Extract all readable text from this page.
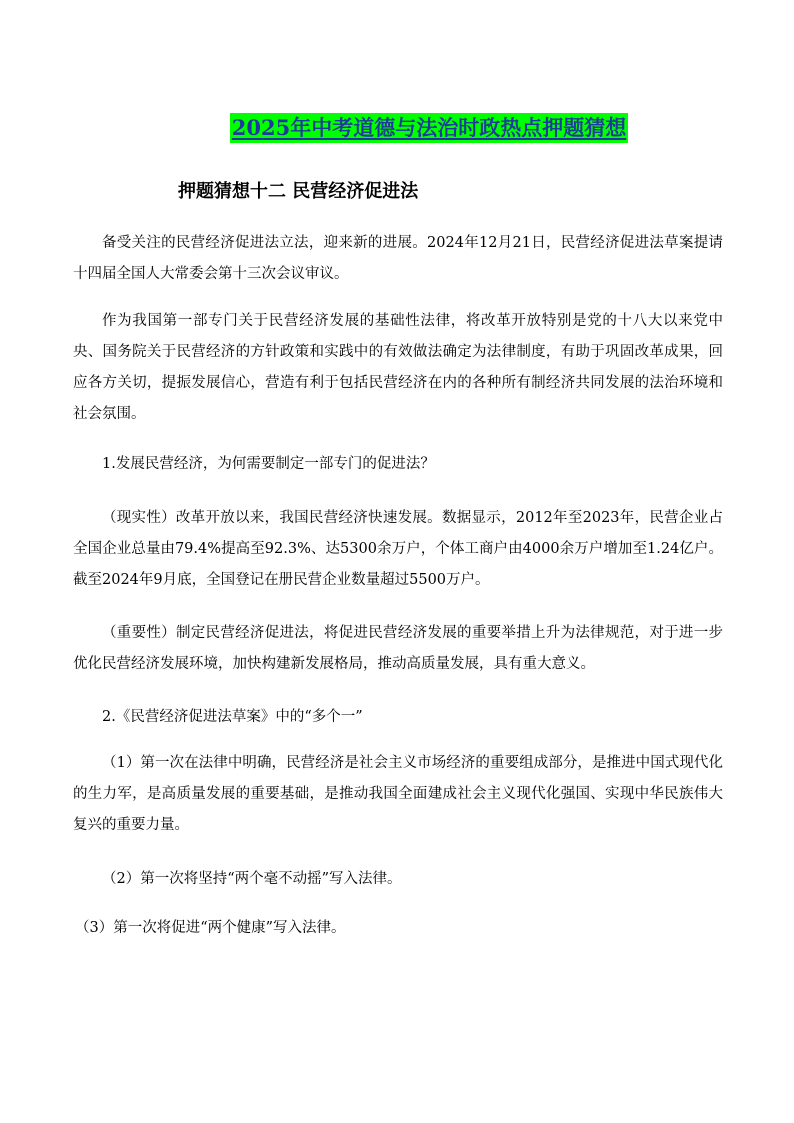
2025年中考道德与法治时政热点押题猜想
押题猜想十二 民营经济促进法

备受关注的民营经济促进法立法，迎来新的进展。2024年12月21日，民营经济促进法草案提请十四届全国人大常委会第十三次会议审议。

作为我国第一部专门关于民营经济发展的基础性法律，将改革开放特别是党的十八大以来党中央、国务院关于民营经济的方针政策和实践中的有效做法确定为法律制度，有助于巩固改革成果，回应各方关切，提振发展信心，营造有利于包括民营经济在内的各种所有制经济共同发展的法治环境和社会氛围。

1.发展民营经济，为何需要制定一部专门的促进法？

（现实性）改革开放以来，我国民营经济快速发展。数据显示，2012年至2023年，民营企业占全国企业总量由79.4%提高至92.3%、达5300余万户，个体工商户由4000余万户增加至1.24亿户。截至2024年9月底，全国登记在册民营企业数量超过5500万户。

（重要性）制定民营经济促进法，将促进民营经济发展的重要举措上升为法律规范，对于进一步优化民营经济发展环境，加快构建新发展格局，推动高质量发展，具有重大意义。

2.《民营经济促进法草案》中的“多个一”

（1）第一次在法律中明确，民营经济是社会主义市场经济的重要组成部分，是推进中国式现代化的生力军，是高质量发展的重要基础，是推动我国全面建成社会主义现代化强国、实现中华民族伟大复兴的重要力量。

（2）第一次将坚持“两个毫不动摇”写入法律。

（3）第一次将促进“两个健康”写入法律。
